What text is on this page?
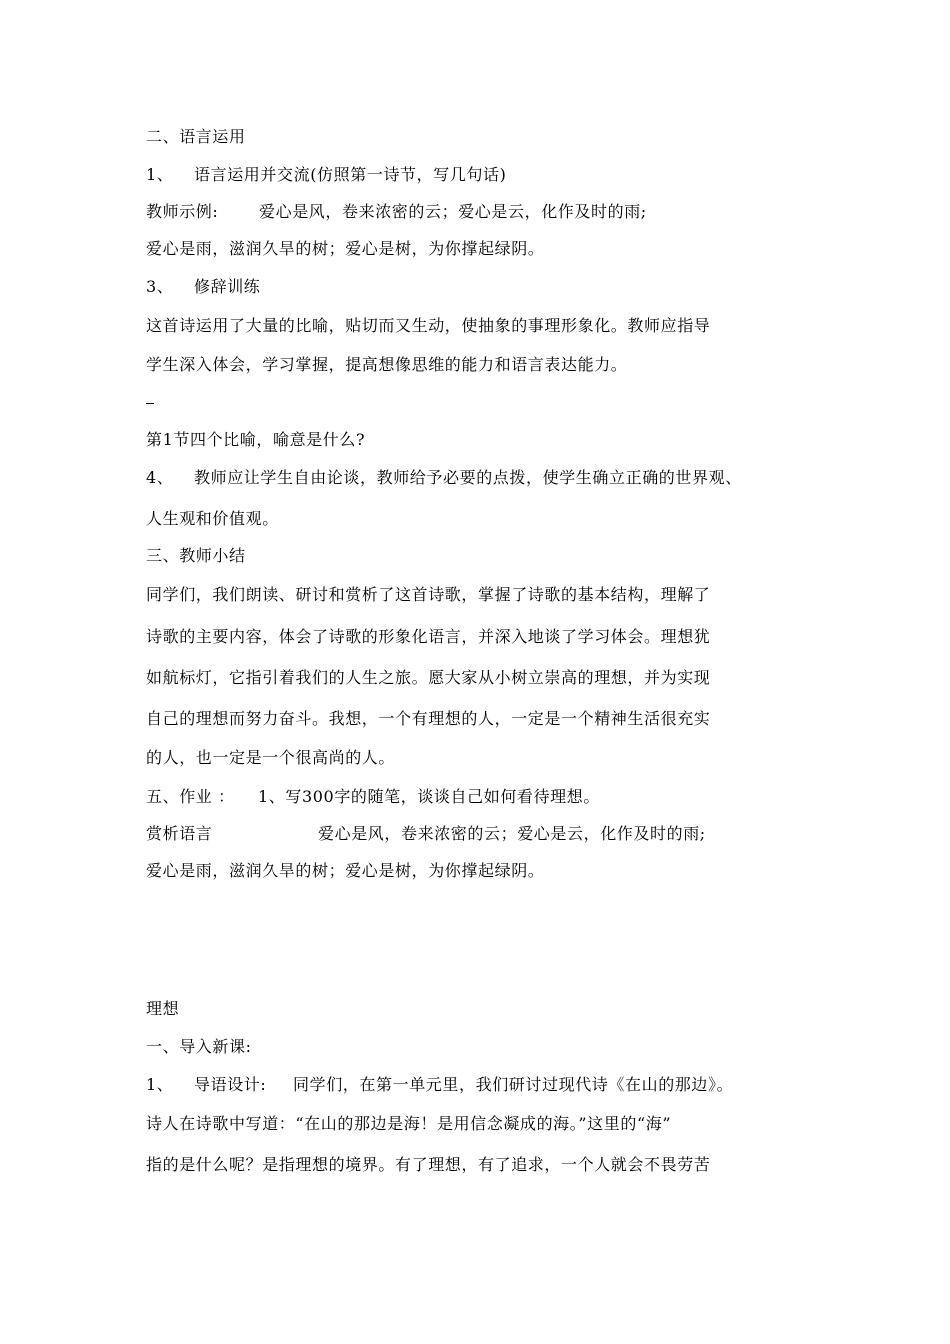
二、语言运用
1、 语言运用并交流(仿照第一诗节，写几句话)
教师示例:	爱心是风，卷来浓密的云；爱心是云，化作及时的雨;
爱心是雨，滋润久旱的树；爱心是树，为你撑起绿阴。
3、 修辞训练
这首诗运用了大量的比喻，贴切而又生动，使抽象的事理形象化。教师应指导
学生深入体会，学习掌握，提高想像思维的能力和语言表达能力。
第1节四个比喻，喻意是什么?
4、 教师应让学生自由论谈，教师给予必要的点拨，使学生确立正确的世界观、
人生观和价值观。
三、教师小结
同学们，我们朗读、研讨和赏析了这首诗歌，掌握了诗歌的基本结构，理解了
诗歌的主要内容，体会了诗歌的形象化语言，并深入地谈了学习体会。理想犹
如航标灯，它指引着我们的人生之旅。愿大家从小树立崇高的理想，并为实现
自己的理想而努力奋斗。我想，一个有理想的人，一定是一个精神生活很充实
的人，也一定是一个很高尚的人。
五、作业 ： 1、写300字的随笔，谈谈自己如何看待理想。
赏析语言	爱心是风，卷来浓密的云；爱心是云，化作及时的雨;
爱心是雨，滋润久旱的树；爱心是树，为你撑起绿阴。
理想
一、导入新课:
1、 导语设计: 同学们，在第一单元里，我们研讨过现代诗《在山的那边》。
诗人在诗歌中写道：“在山的那边是海！是用信念凝成的海。”这里的“海”
指的是什么呢？是指理想的境界。有了理想，有了追求，一个人就会不畏劳苦
